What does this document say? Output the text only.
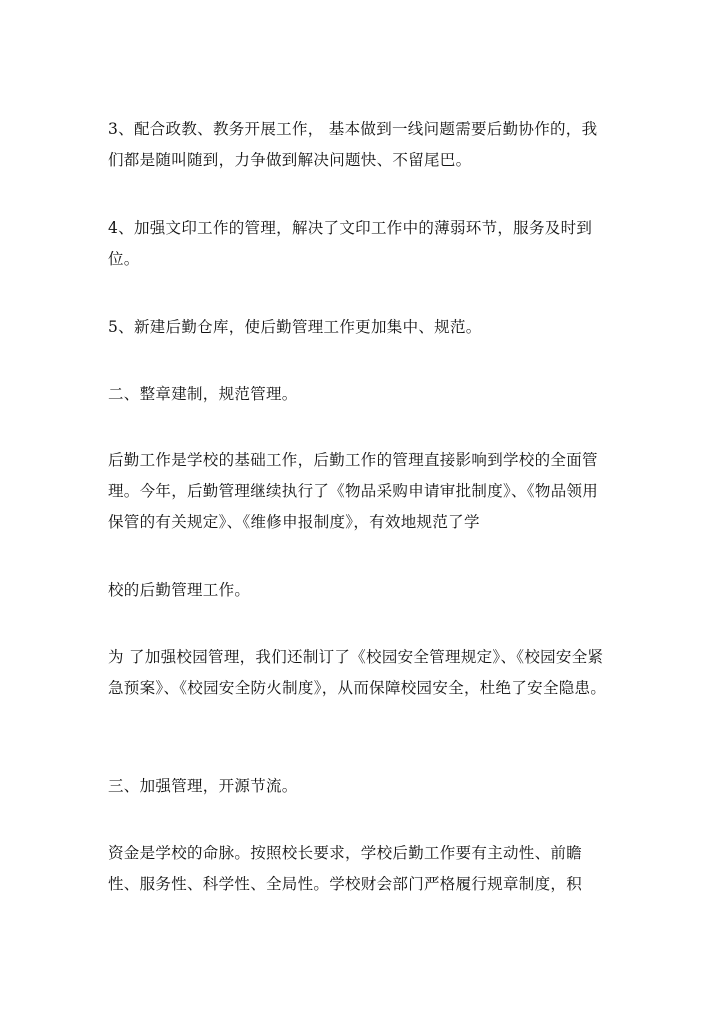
3、配合政教、教务开展工作， 基本做到一线问题需要后勤协作的，我们都是随叫随到，力争做到解决问题快、不留尾巴。

4、加强文印工作的管理，解决了文印工作中的薄弱环节，服务及时到位。

5、新建后勤仓库，使后勤管理工作更加集中、规范。

二、整章建制，规范管理。

后勤工作是学校的基础工作，后勤工作的管理直接影响到学校的全面管理。今年，后勤管理继续执行了《物品采购申请审批制度》、《物品领用保管的有关规定》、《维修申报制度》，有效地规范了学

校的后勤管理工作。

为 了加强校园管理，我们还制订了《校园安全管理规定》、《校园安全紧急预案》、《校园安全防火制度》，从而保障校园安全，杜绝了安全隐患。

三、加强管理，开源节流。

资金是学校的命脉。按照校长要求，学校后勤工作要有主动性、前瞻性、服务性、科学性、全局性。学校财会部门严格履行规章制度，积
